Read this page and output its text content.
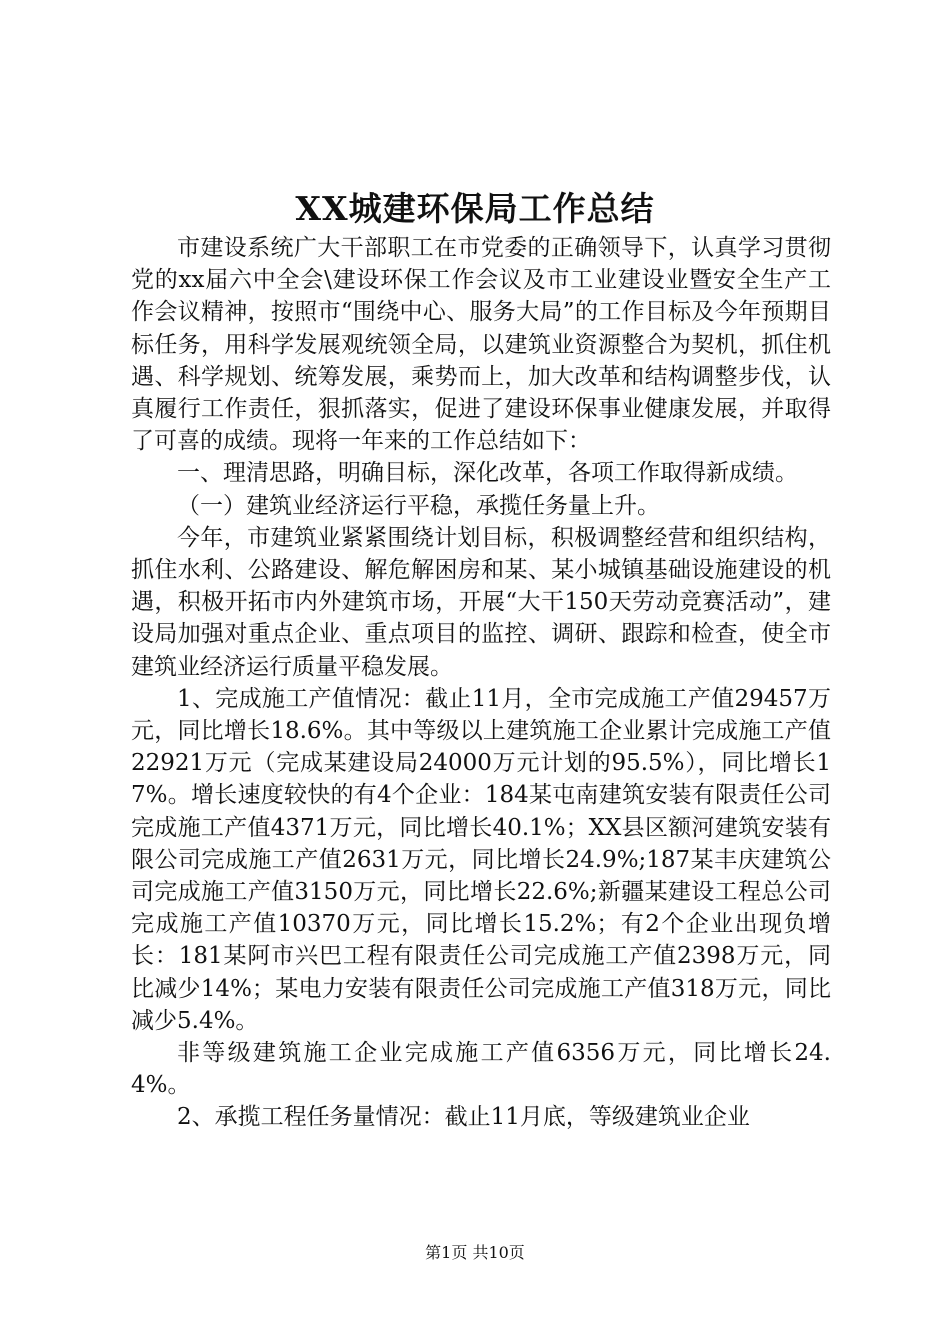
XX城建环保局工作总结

市建设系统广大干部职工在市党委的正确领导下，认真学习贯彻党的xx届六中全会\建设环保工作会议及市工业建设业暨安全生产工作会议精神，按照市“围绕中心、服务大局”的工作目标及今年预期目标任务，用科学发展观统领全局，以建筑业资源整合为契机，抓住机遇、科学规划、统筹发展，乘势而上，加大改革和结构调整步伐，认真履行工作责任，狠抓落实，促进了建设环保事业健康发展，并取得了可喜的成绩。现将一年来的工作总结如下：

一、理清思路，明确目标，深化改革，各项工作取得新成绩。

（一）建筑业经济运行平稳，承揽任务量上升。

今年，市建筑业紧紧围绕计划目标，积极调整经营和组织结构，抓住水利、公路建设、解危解困房和某、某小城镇基础设施建设的机遇，积极开拓市内外建筑市场，开展“大干150天劳动竞赛活动”，建设局加强对重点企业、重点项目的监控、调研、跟踪和检查，使全市建筑业经济运行质量平稳发展。

1、完成施工产值情况：截止11月，全市完成施工产值29457万元，同比增长18.6%。其中等级以上建筑施工企业累计完成施工产值22921万元（完成某建设局24000万元计划的95.5%），同比增长17%。增长速度较快的有4个企业：184某屯南建筑安装有限责任公司完成施工产值4371万元，同比增长40.1%；XX县区额河建筑安装有限公司完成施工产值2631万元，同比增长24.9%;187某丰庆建筑公司完成施工产值3150万元，同比增长22.6%;新疆某建设工程总公司完成施工产值10370万元，同比增长15.2%；有2个企业出现负增长：181某阿市兴巴工程有限责任公司完成施工产值2398万元，同比减少14%；某电力安装有限责任公司完成施工产值318万元，同比减少5.4%。

非等级建筑施工企业完成施工产值6356万元，同比增长24.4%。

2、承揽工程任务量情况：截止11月底，等级建筑业企业

第1页 共10页
